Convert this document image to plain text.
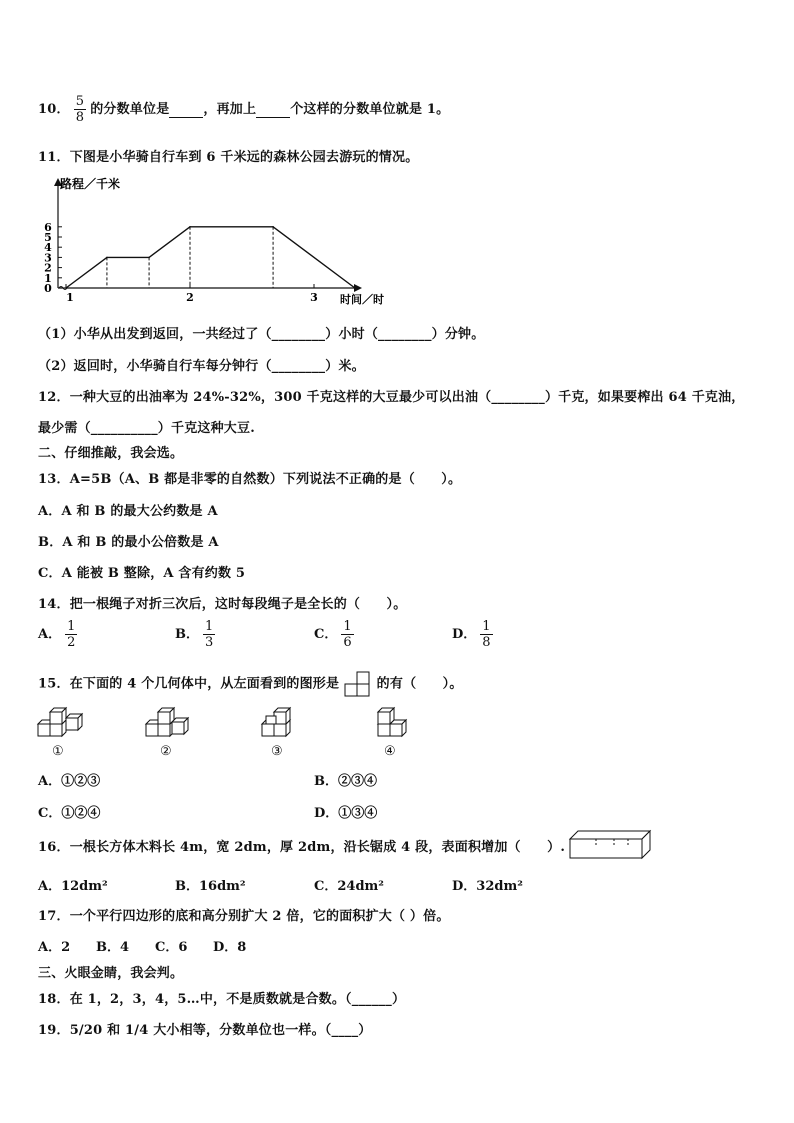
10． $\frac{5}{8}$ 的分数单位是	，再加上	个这样的分数单位就是 1。
11．下图是小华骑自行车到 6 千米远的森林公园去游玩的情况。
路程／千米
时间／时
0
1
2
3
4
5
6
1	2	3
（1）小华从出发到返回，一共经过了（________）小时（________）分钟。
（2）返回时，小华骑自行车每分钟行（________）米。
12．一种大豆的出油率为 24%-32%，300 千克这样的大豆最少可以出油（________）千克，如果要榨出 64 千克油，
最少需（__________）千克这种大豆.
二、仔细推敲，我会选。
13．A=5B（A、B 都是非零的自然数）下列说法不正确的是（　　）。
A．A 和 B 的最大公约数是 A
B．A 和 B 的最小公倍数是 A
C．A 能被 B 整除，A 含有约数 5
14．把一根绳子对折三次后，这时每段绳子是全长的（　　）。
A． $\frac{1}{2}$	B． $\frac{1}{3}$	C． $\frac{1}{6}$	D． $\frac{1}{8}$
15．在下面的 4 个几何体中，从左面看到的图形是	的有（　　）。
①	②	③	④
A．①②③	B．②③④
C．①②④	D．①③④
16．一根长方体木料长 4m，宽 2dm，厚 2dm，沿长锯成 4 段，表面积增加（　　）.
A．12dm²	B．16dm²	C．24dm²	D．32dm²
17．一个平行四边形的底和高分别扩大 2 倍，它的面积扩大（ ）倍。
A．2 B．4 C．6 D．8
三、火眼金睛，我会判。
18．在 1，2，3，4，5…中，不是质数就是合数。（______）
19．5/20 和 1/4 大小相等，分数单位也一样。（____）
